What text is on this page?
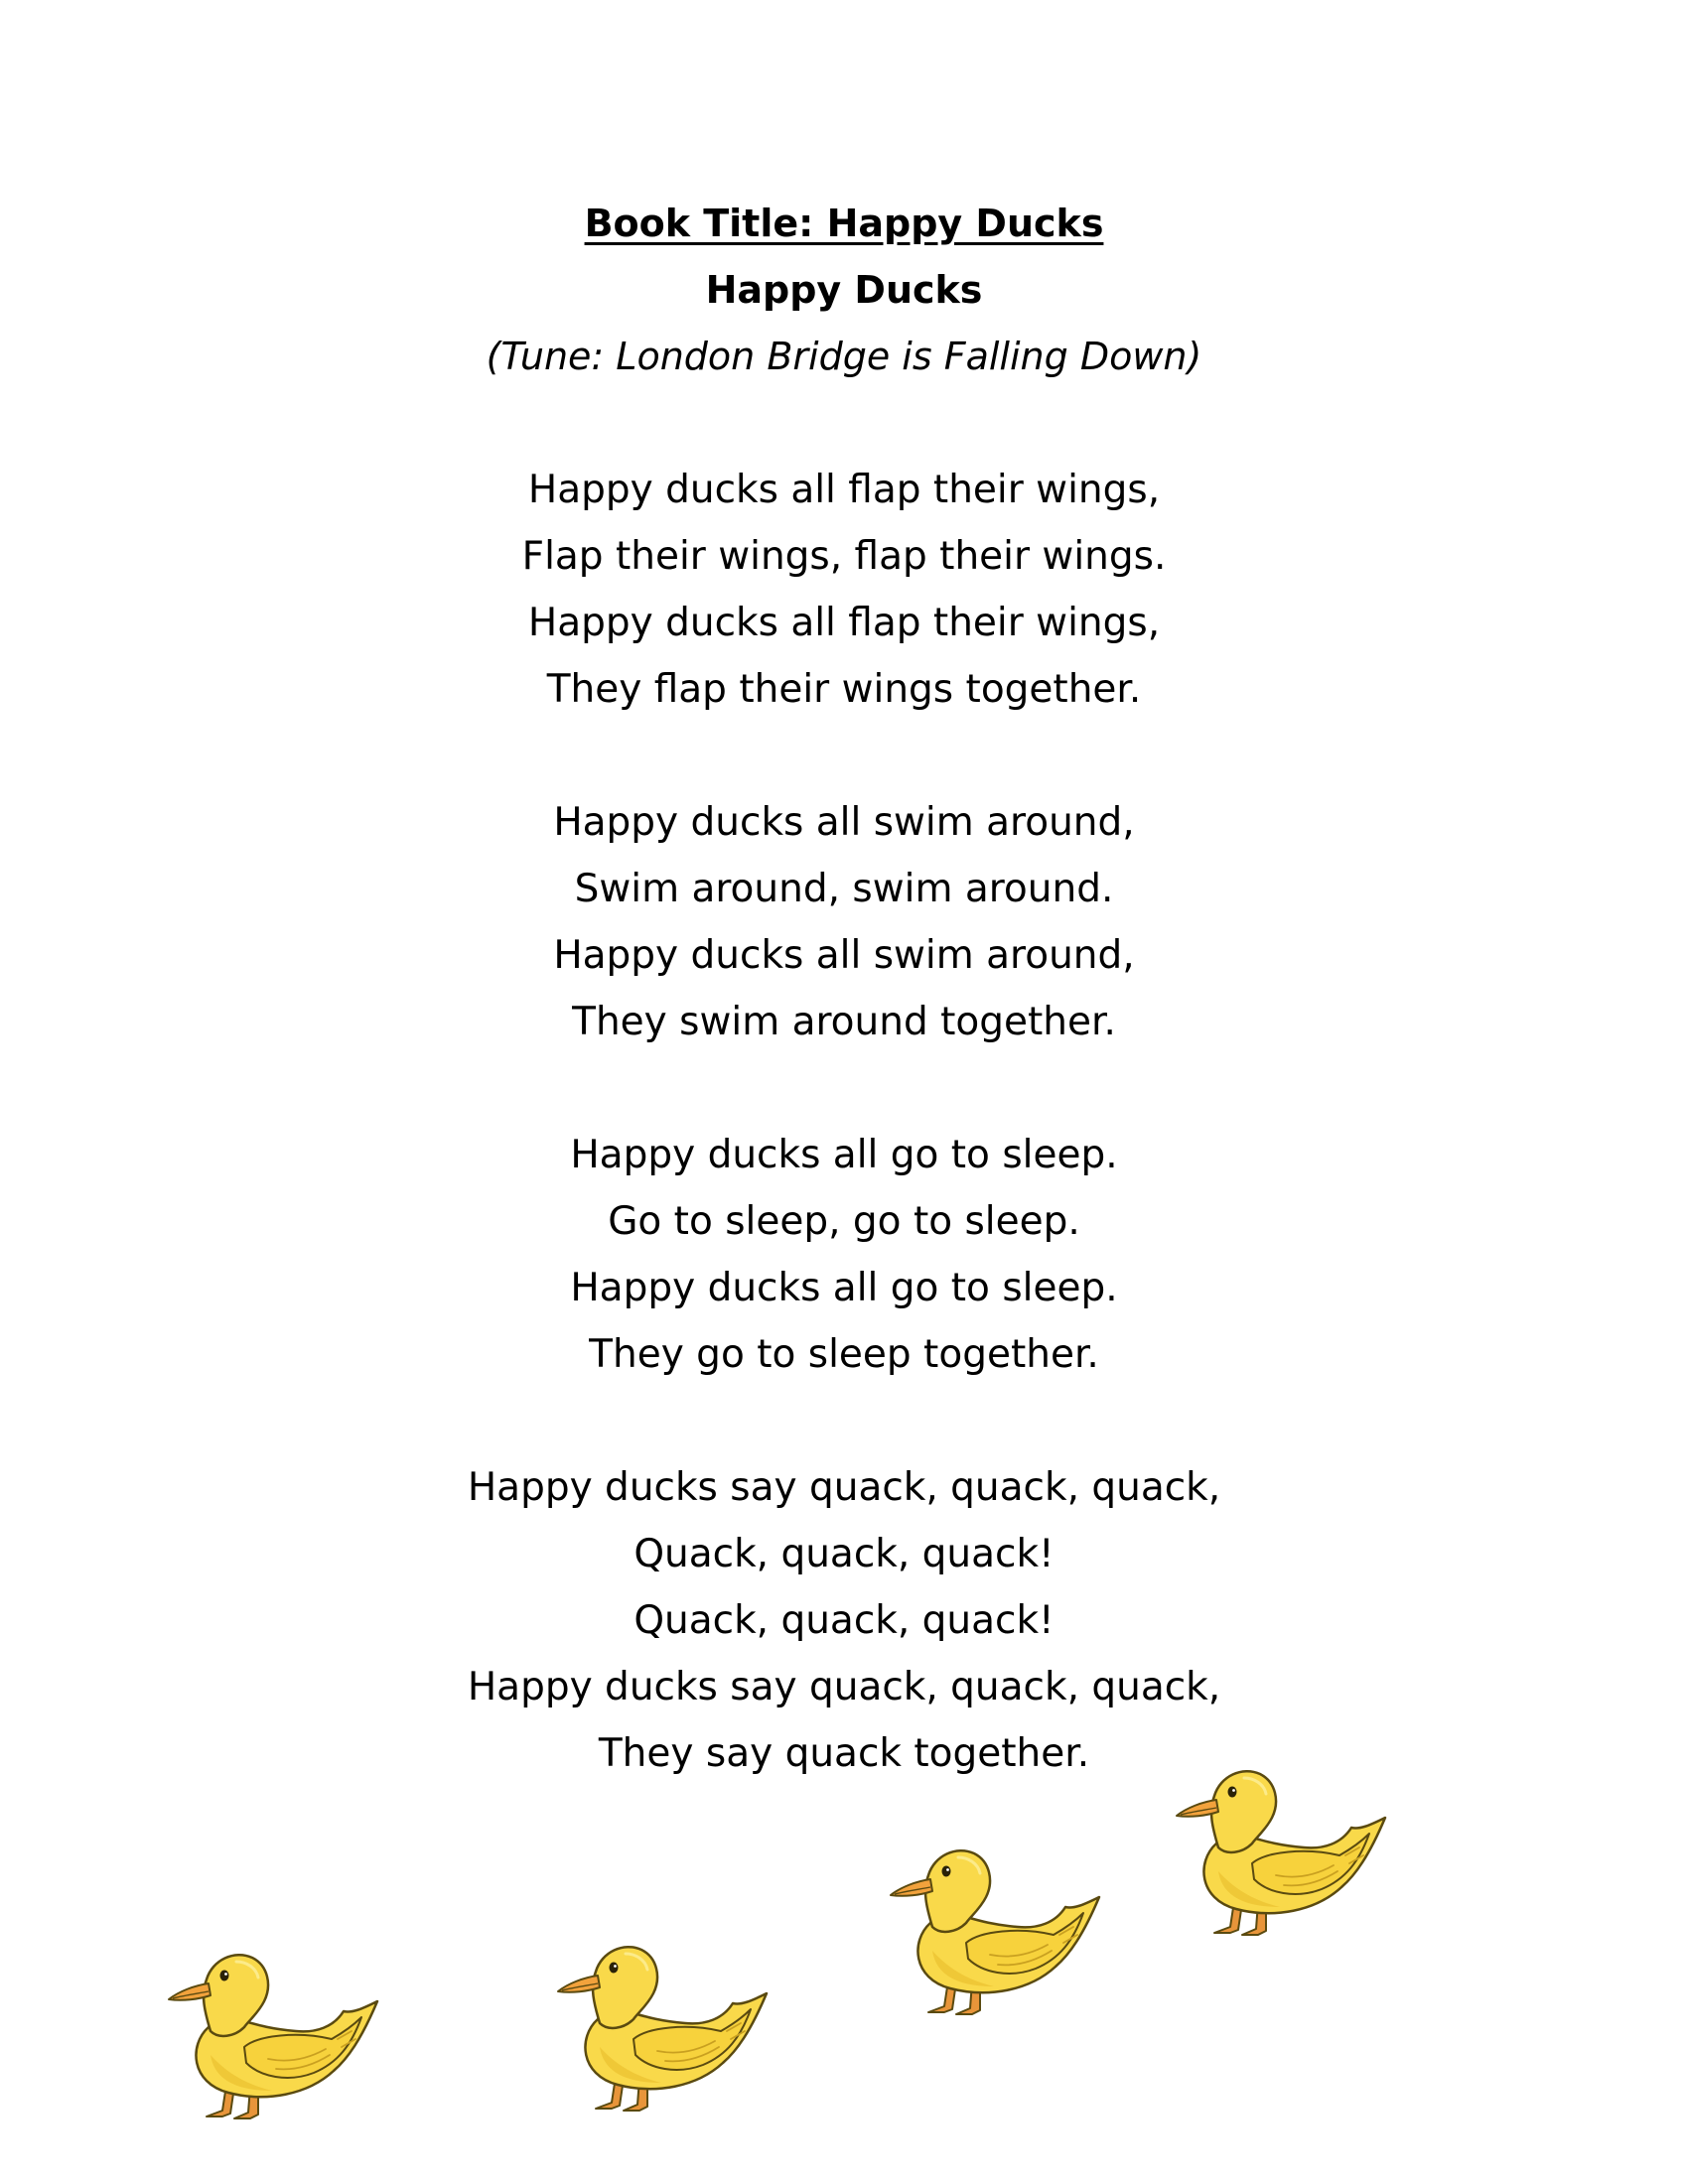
Book Title: Happy Ducks
Happy Ducks
(Tune: London Bridge is Falling Down)
Happy ducks all flap their wings,
Flap their wings, flap their wings.
Happy ducks all flap their wings,
They flap their wings together.
Happy ducks all swim around,
Swim around, swim around.
Happy ducks all swim around,
They swim around together.
Happy ducks all go to sleep.
Go to sleep, go to sleep.
Happy ducks all go to sleep.
They go to sleep together.
Happy ducks say quack, quack, quack,
Quack, quack, quack!
Quack, quack, quack!
Happy ducks say quack, quack, quack,
They say quack together.
